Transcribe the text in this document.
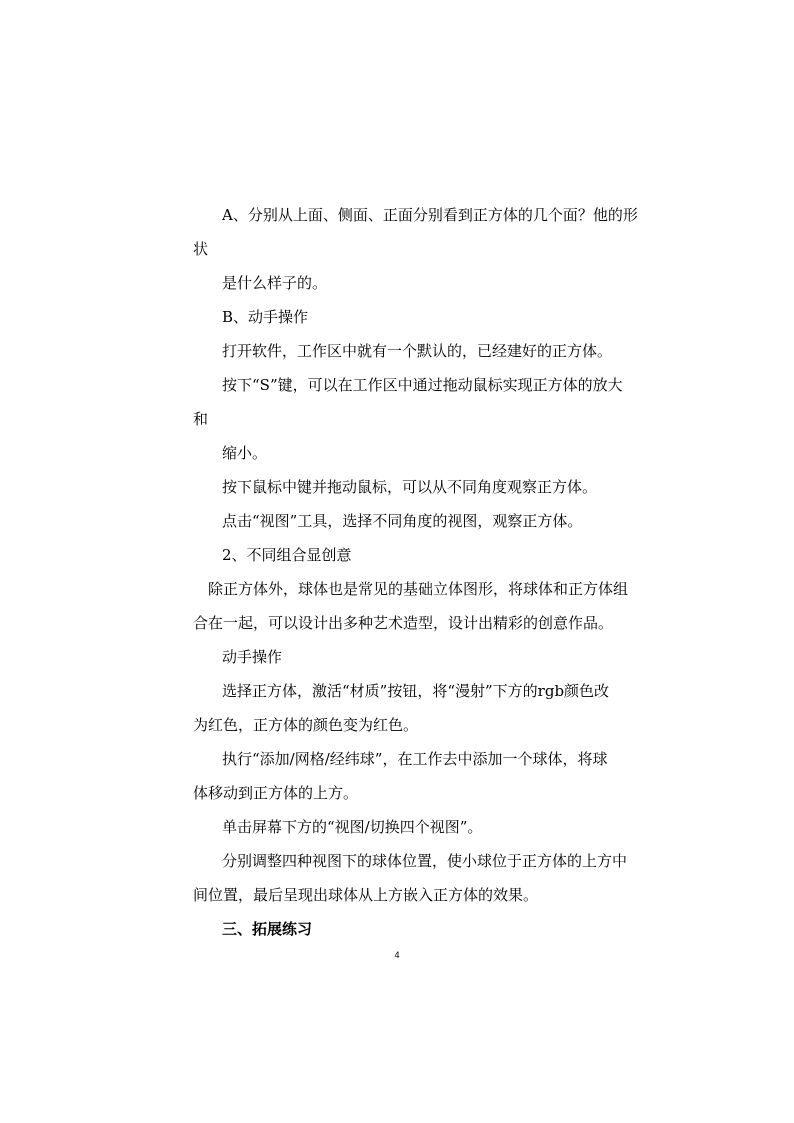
A、分别从上面、侧面、正面分别看到正方体的几个面？他的形
状
是什么样子的。
B、动手操作
打开软件，工作区中就有一个默认的，已经建好的正方体。
按下“S”键，可以在工作区中通过拖动鼠标实现正方体的放大
和
缩小。
按下鼠标中键并拖动鼠标，可以从不同角度观察正方体。
点击“视图”工具，选择不同角度的视图，观察正方体。
2、不同组合显创意
除正方体外，球体也是常见的基础立体图形，将球体和正方体组
合在一起，可以设计出多种艺术造型，设计出精彩的创意作品。
动手操作
选择正方体，激活“材质”按钮，将“漫射”下方的rgb颜色改
为红色，正方体的颜色变为红色。
执行“添加/网格/经纬球”，在工作去中添加一个球体，将球
体移动到正方体的上方。
单击屏幕下方的“视图/切换四个视图”。
分别调整四种视图下的球体位置，使小球位于正方体的上方中
间位置，最后呈现出球体从上方嵌入正方体的效果。
三、拓展练习
4
